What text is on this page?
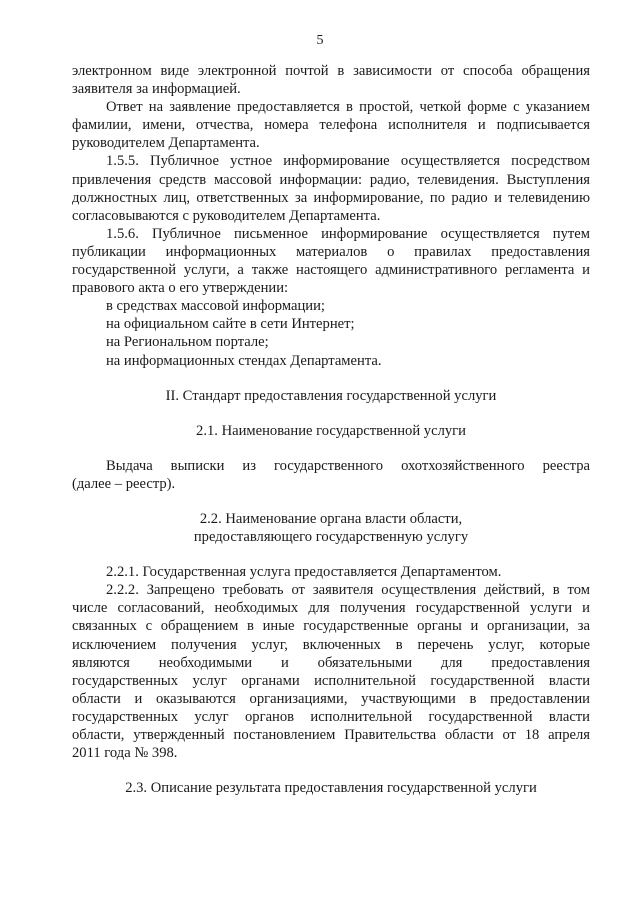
5
электронном виде электронной почтой в зависимости от способа обращения
заявителя за информацией.
Ответ на заявление предоставляется в простой, четкой форме с указанием
фамилии, имени, отчества, номера телефона исполнителя и подписывается
руководителем Департамента.
1.5.5. Публичное устное информирование осуществляется посредством
привлечения средств массовой информации: радио, телевидения. Выступления
должностных лиц, ответственных за информирование, по радио и телевидению
согласовываются с руководителем Департамента.
1.5.6. Публичное письменное информирование осуществляется путем
публикации информационных материалов о правилах предоставления
государственной услуги, а также настоящего административного регламента и
правового акта о его утверждении:
в средствах массовой информации;
на официальном сайте в сети Интернет;
на Региональном портале;
на информационных стендах Департамента.
II. Стандарт предоставления государственной услуги
2.1. Наименование государственной услуги
Выдача выписки из государственного охотхозяйственного реестра
(далее – реестр).
2.2. Наименование органа власти области,
предоставляющего государственную услугу
2.2.1. Государственная услуга предоставляется Департаментом.
2.2.2. Запрещено требовать от заявителя осуществления действий, в том
числе согласований, необходимых для получения государственной услуги и
связанных с обращением в иные государственные органы и организации, за
исключением получения услуг, включенных в перечень услуг, которые
являются необходимыми и обязательными для предоставления
государственных услуг органами исполнительной государственной власти
области и оказываются организациями, участвующими в предоставлении
государственных услуг органов исполнительной государственной власти
области, утвержденный постановлением Правительства области от 18 апреля
2011 года № 398.
2.3. Описание результата предоставления государственной услуги
